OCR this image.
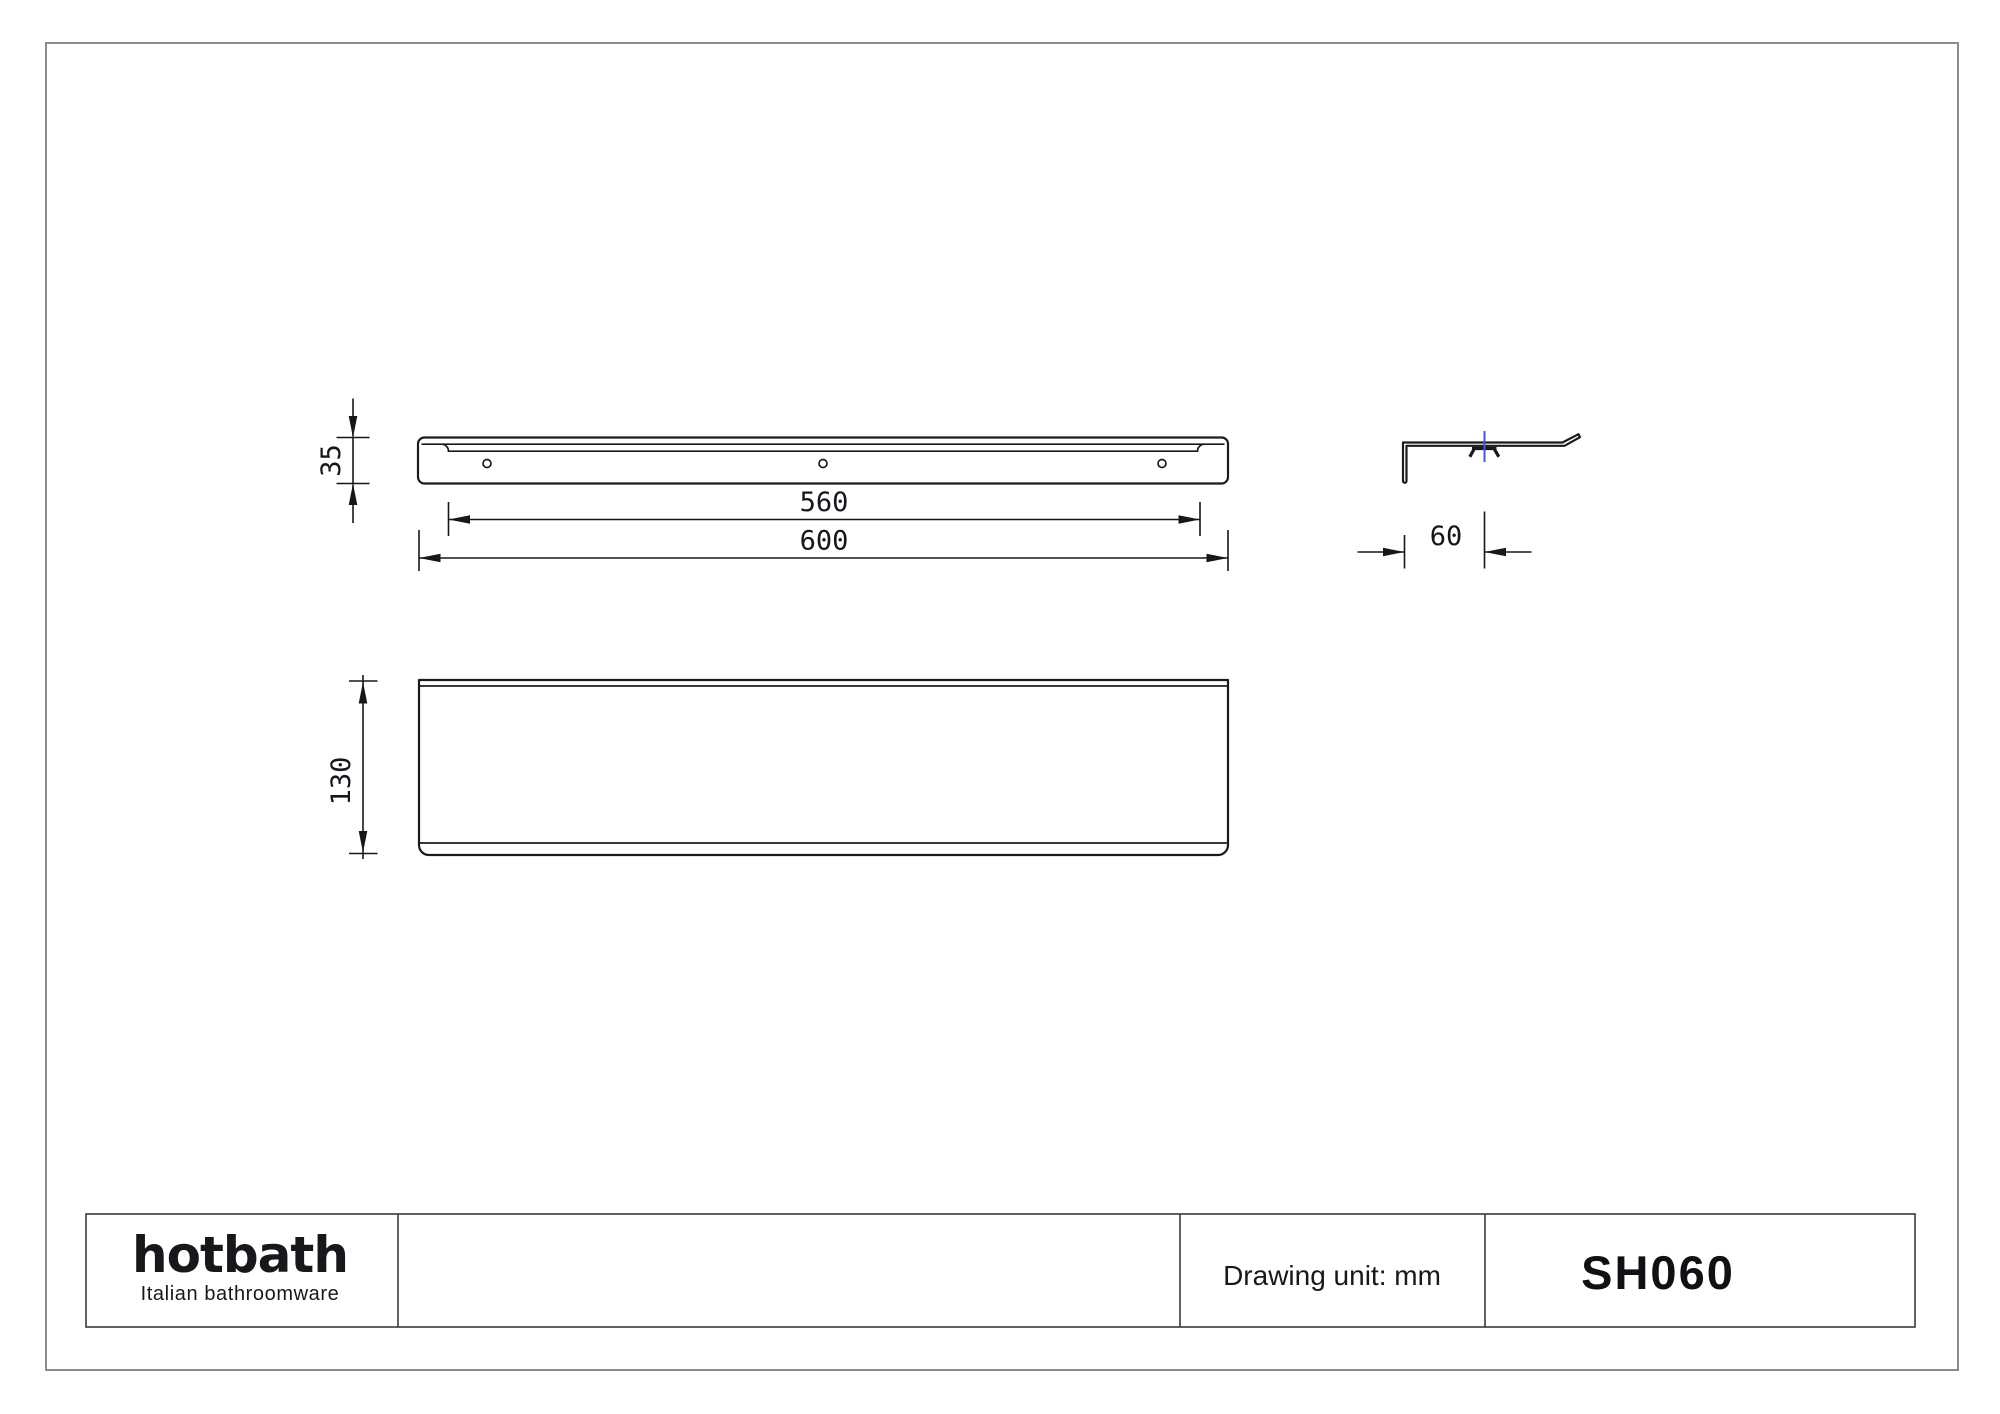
35
560
600	60
130
hotbath
Italian bathroomware
Drawing unit: mm	SH060
